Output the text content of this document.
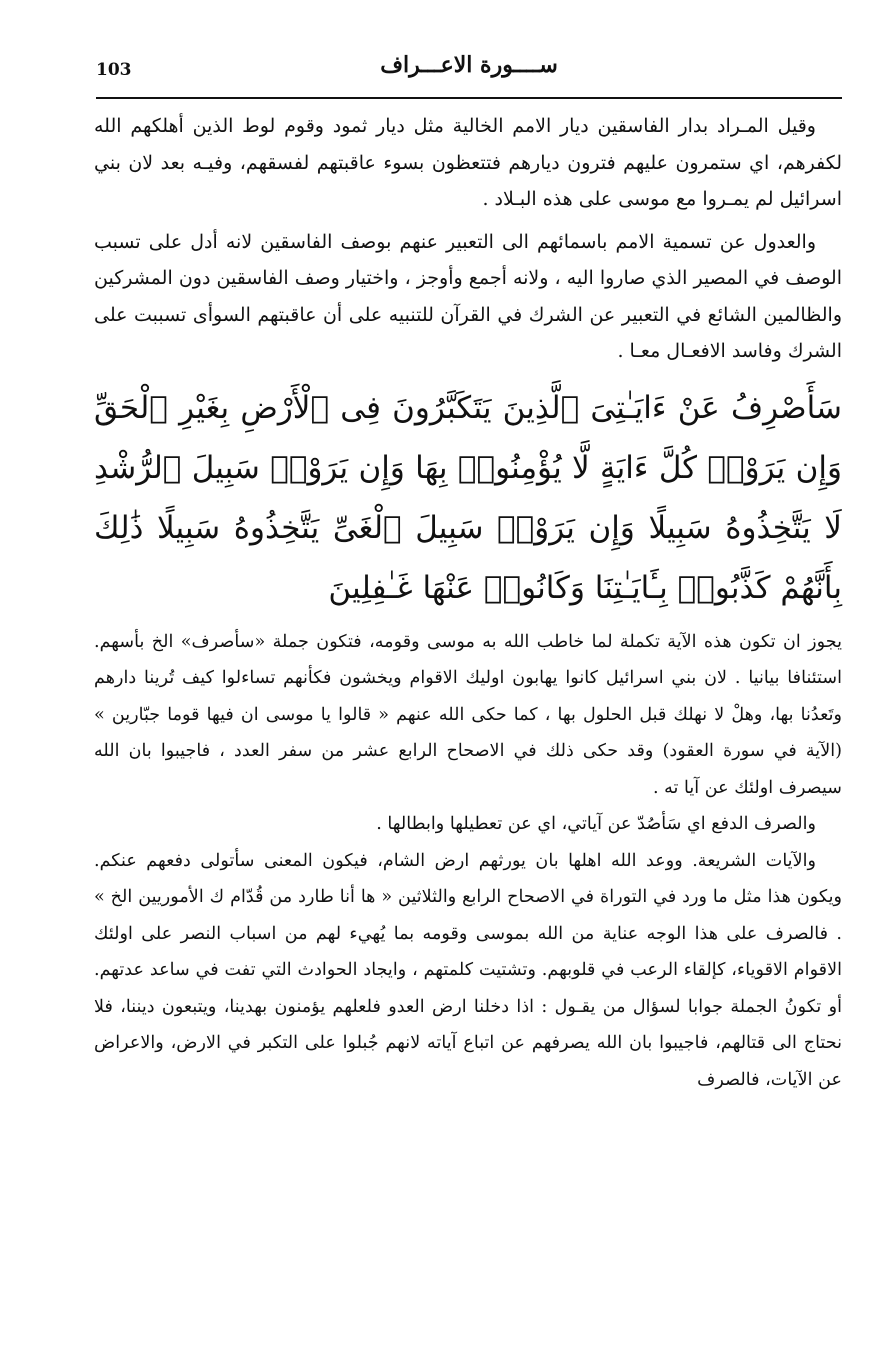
103	ســــورة الاعـــراف

وقيل المـراد بدار الفاسقين ديار الامم الخالية مثل ديار ثمود وقوم لوط الذين أهلكهم الله لكفرهم، اي ستمرون عليهم فترون ديارهم فتتعظون بسوء عاقبتهم لفسقهم، وفيـه بعد لان بني اسرائيل لم يمـروا مع موسى على هذه البـلاد .

والعدول عن تسمية الامم باسمائهم الى التعبير عنهم بوصف الفاسقين لانه أدل على تسبب الوصف في المصير الذي صاروا اليه ، ولانه أجمع وأوجز ، واختيار وصف الفاسقين دون المشركين والظالمين الشائع في التعبير عن الشرك في القرآن للتنبيه على أن عاقبتهم السوأى تسببت على الشرك وفاسد الافعـال معـا .

سَأَصْرِفُ عَنْ ءَايَـٰتِىَ ٱلَّذِينَ يَتَكَبَّرُونَ فِى ٱلْأَرْضِ بِغَيْرِ ٱلْحَقِّ وَإِن يَرَوْا۟ كُلَّ ءَايَةٍ لَّا يُؤْمِنُوا۟ بِهَا وَإِن يَرَوْا۟ سَبِيلَ ٱلرُّشْدِ لَا يَتَّخِذُوهُ سَبِيلًا وَإِن يَرَوْا۟ سَبِيلَ ٱلْغَىِّ يَتَّخِذُوهُ سَبِيلًا ذَٰلِكَ بِأَنَّهُمْ كَذَّبُوا۟ بِـَٔايَـٰتِنَا وَكَانُوا۟ عَنْهَا غَـٰفِلِينَ

يجوز ان تكون هذه الآية تكملة لما خاطب الله به موسى وقومه، فتكون جملة «سأصرف» الخ بأسهم. استئنافا بيانيا . لان بني اسرائيل كانوا يهابون اوليك الاقوام ويخشون فكأنهم تساءلوا كيف تُرينا دارهم وتَعدُنا بها، وهلْ لا نهلك قبل الحلول بها ، كما حكى الله عنهم « قالوا يا موسى ان فيها قوما جبّارين » (الآية في سورة العقود) وقد حكى ذلك في الاصحاح الرابع عشر من سفر العدد ، فاجيبوا بان الله سيصرف اولئك عن آيا ته .

والصرف الدفع اي سَأصُدّ عن آياتي، اي عن تعطيلها وابطالها .

والآيات الشريعة. ووعد الله اهلها بان يورثهم ارض الشام، فيكون المعنى سأتولى دفعهم عنكم. ويكون هذا مثل ما ورد في التوراة في الاصحاح الرابع والثلاثين « ها أنا طارد من قُدّام ك الأموريين الخ » . فالصرف على هذا الوجه عناية من الله بموسى وقومه بما يُهيء لهم من اسباب النصر على اولئك الاقوام الاقوياء، كإلقاء الرعب في قلوبهم. وتشتيت كلمتهم ، وايجاد الحوادث التي تفت في ساعد عدتهم. أو تكونُ الجملة جوابا لسؤال من يقـول : اذا دخلنا ارض العدو فلعلهم يؤمنون بهدينا، ويتبعون ديننا، فلا نحتاج الى قتالهم، فاجيبوا بان الله يصرفهم عن اتباع آياته لانهم جُبلوا على التكبر في الارض، والاعراض عن الآيات، فالصرف
